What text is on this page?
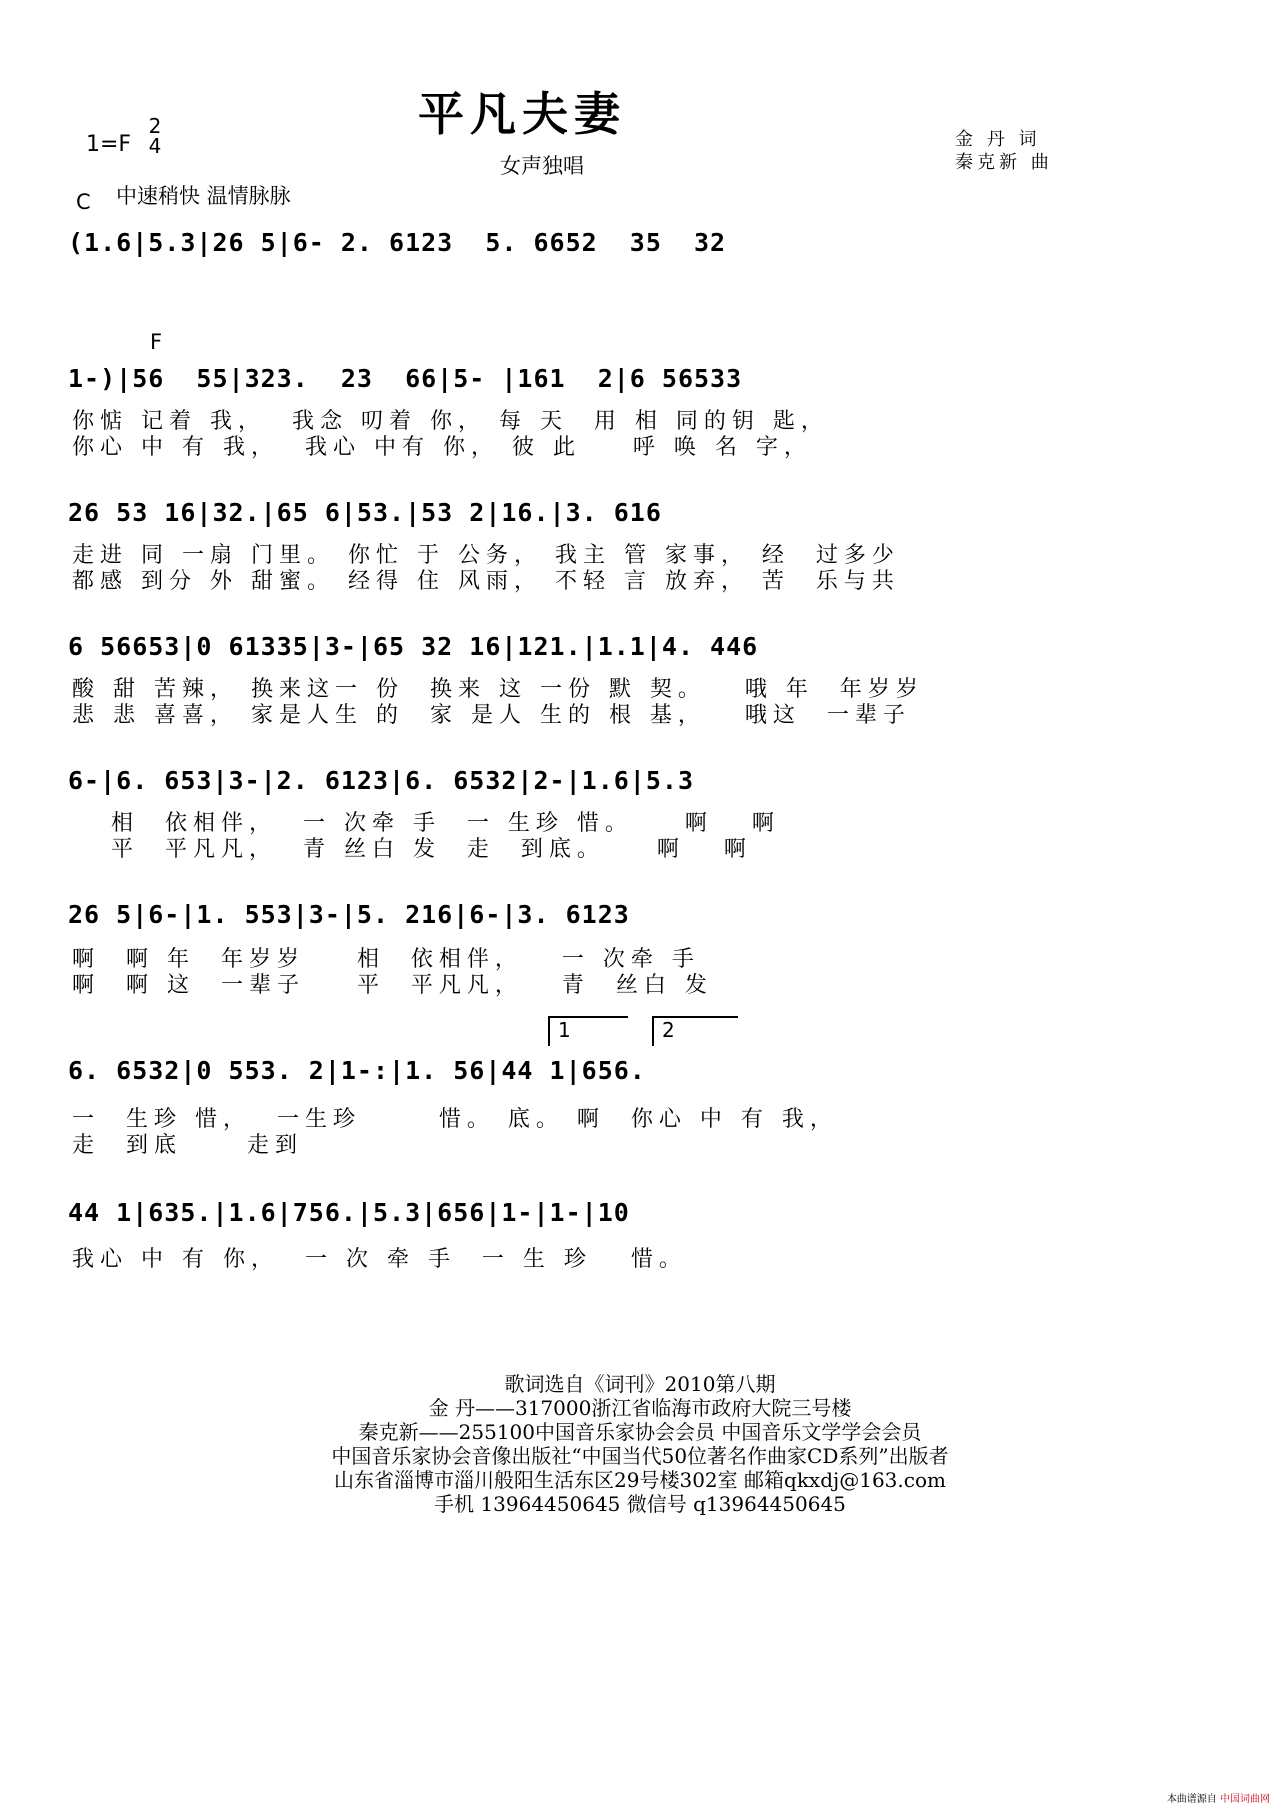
平凡夫妻
女声独唱
1=F
2
4	金 丹 词
秦克新 曲
C 中速稍快 温情脉脉
(1.6|5.3|26 5|6- 2. 6123  5. 6652  35  32
F
1-)|56  55|323.  23  66|5- |161  2|6 56533
你惦 记着 我，  我念 叨着 你， 每 天  用 相 同的钥 匙，
你心 中 有 我，  我心 中有 你， 彼 此    呼 唤 名 字，
26 53 16|32.|65 6|53.|53 2|16.|3. 616
走进 同 一扇 门里。 你忙 于 公务， 我主 管 家事， 经  过多少
都感 到分 外 甜蜜。 经得 住 风雨， 不轻 言 放弃， 苦  乐与共
6 56653|0 61335|3-|65 32 16|121.|1.1|4. 446
酸 甜 苦辣， 换来这一 份  换来 这 一份 默 契。   哦 年  年岁岁
悲 悲 喜喜， 家是人生 的  家 是人 生的 根 基，   哦这  一辈子
6-|6. 653|3-|2. 6123|6. 6532|2-|1.6|5.3
相  依相伴，  一 次牵 手  一 生珍 惜。    啊   啊
平  平凡凡，  青 丝白 发  走  到底。    啊   啊
26 5|6-|1. 553|3-|5. 216|6-|3. 6123
啊  啊 年  年岁岁    相  依相伴，   一 次牵 手
啊  啊 这  一辈子    平  平凡凡，   青  丝白 发
1	2
6. 6532|0 553. 2|1-:|1. 56|44 1|656.
一  生珍 惜，  一生珍      惜。 底。 啊  你心 中 有 我，
走  到底     走到
44 1|635.|1.6|756.|5.3|656|1-|1-|10
我心 中 有 你，  一 次 牵 手  一 生 珍   惜。
歌词选自《词刊》2010第八期
金 丹——317000浙江省临海市政府大院三号楼
秦克新——255100中国音乐家协会会员 中国音乐文学学会会员
中国音乐家协会音像出版社“中国当代50位著名作曲家CD系列”出版者
山东省淄博市淄川般阳生活东区29号楼302室 邮箱qkxdj@163.com
手机 13964450645 微信号 q13964450645
本曲谱源自 中国词曲网
